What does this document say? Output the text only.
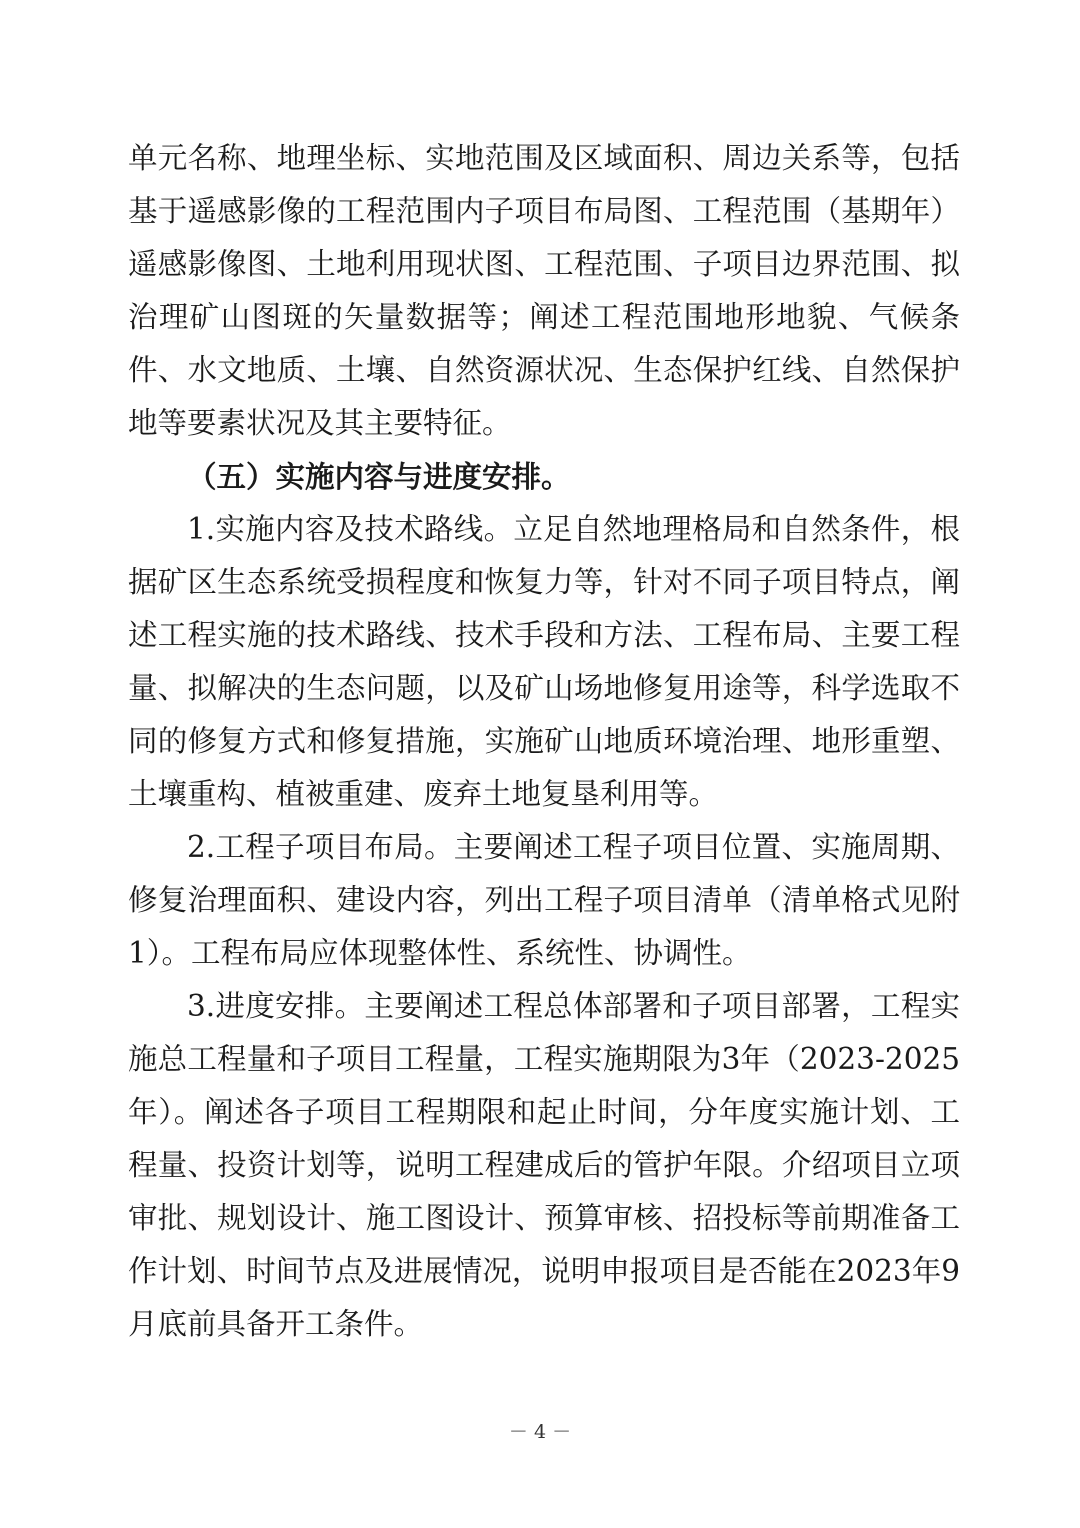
单元名称、地理坐标、实地范围及区域面积、周边关系等，包括基于遥感影像的工程范围内子项目布局图、工程范围（基期年）遥感影像图、土地利用现状图、工程范围、子项目边界范围、拟治理矿山图斑的矢量数据等；阐述工程范围地形地貌、气候条件、水文地质、土壤、自然资源状况、生态保护红线、自然保护地等要素状况及其主要特征。

（五）实施内容与进度安排。

1.实施内容及技术路线。立足自然地理格局和自然条件，根据矿区生态系统受损程度和恢复力等，针对不同子项目特点，阐述工程实施的技术路线、技术手段和方法、工程布局、主要工程量、拟解决的生态问题，以及矿山场地修复用途等，科学选取不同的修复方式和修复措施，实施矿山地质环境治理、地形重塑、土壤重构、植被重建、废弃土地复垦利用等。

2.工程子项目布局。主要阐述工程子项目位置、实施周期、修复治理面积、建设内容，列出工程子项目清单（清单格式见附1）。工程布局应体现整体性、系统性、协调性。

3.进度安排。主要阐述工程总体部署和子项目部署，工程实施总工程量和子项目工程量，工程实施期限为3年（2023-2025年）。阐述各子项目工程期限和起止时间，分年度实施计划、工程量、投资计划等，说明工程建成后的管护年限。介绍项目立项审批、规划设计、施工图设计、预算审核、招投标等前期准备工作计划、时间节点及进展情况，说明申报项目是否能在2023年9月底前具备开工条件。

－ 4 －
